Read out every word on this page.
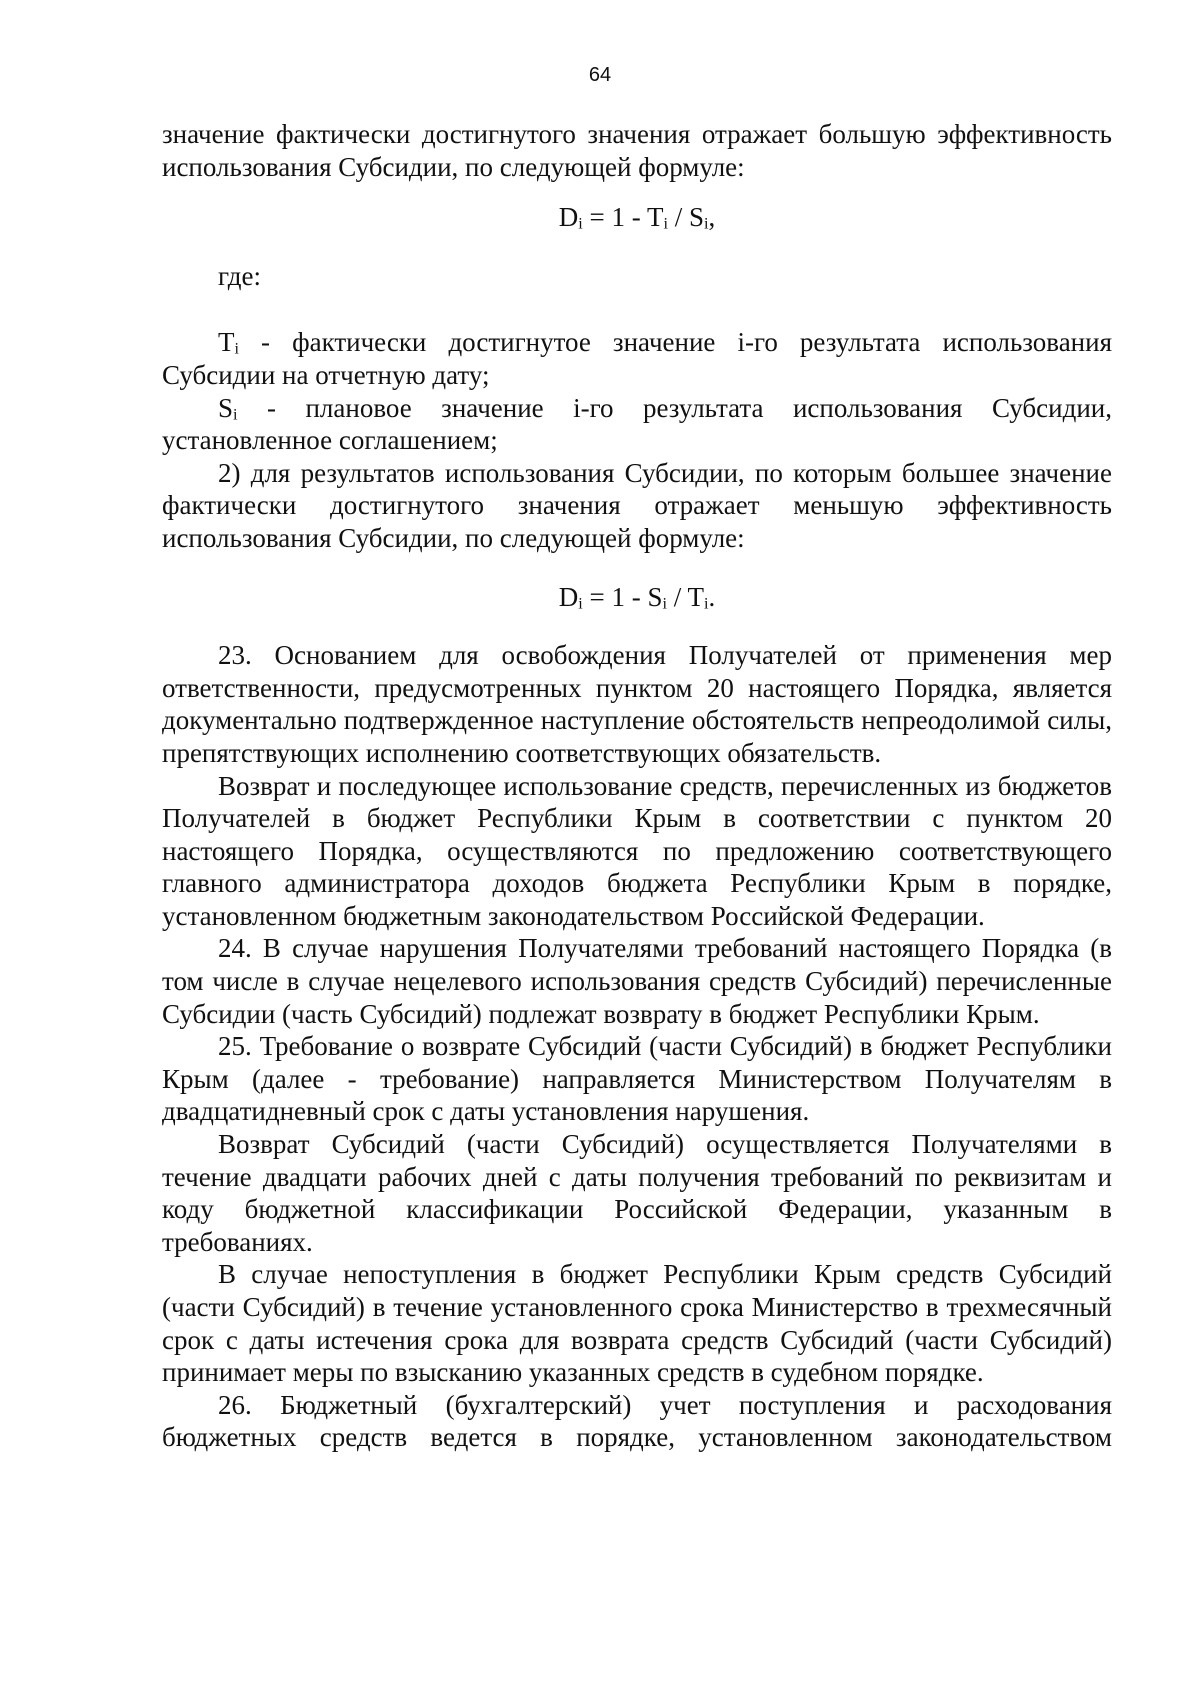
64

значение фактически достигнутого значения отражает большую эффективность использования Субсидии, по следующей формуле:

$D_i = 1 - T_i / S_i$,

где:

$T_i$ - фактически достигнутое значение i-го результата использования Субсидии на отчетную дату;

$S_i$ - плановое значение i-го результата использования Субсидии, установленное соглашением;

2) для результатов использования Субсидии, по которым большее значение фактически достигнутого значения отражает меньшую эффективность использования Субсидии, по следующей формуле:

$D_i = 1 - S_i / T_i$.

23. Основанием для освобождения Получателей от применения мер ответственности, предусмотренных пунктом 20 настоящего Порядка, является документально подтвержденное наступление обстоятельств непреодолимой силы, препятствующих исполнению соответствующих обязательств.

Возврат и последующее использование средств, перечисленных из бюджетов Получателей в бюджет Республики Крым в соответствии с пунктом 20 настоящего Порядка, осуществляются по предложению соответствующего главного администратора доходов бюджета Республики Крым в порядке, установленном бюджетным законодательством Российской Федерации.

24. В случае нарушения Получателями требований настоящего Порядка (в том числе в случае нецелевого использования средств Субсидий) перечисленные Субсидии (часть Субсидий) подлежат возврату в бюджет Республики Крым.

25. Требование о возврате Субсидий (части Субсидий) в бюджет Республики Крым (далее - требование) направляется Министерством Получателям в двадцатидневный срок с даты установления нарушения.

Возврат Субсидий (части Субсидий) осуществляется Получателями в течение двадцати рабочих дней с даты получения требований по реквизитам и коду бюджетной классификации Российской Федерации, указанным в требованиях.

В случае непоступления в бюджет Республики Крым средств Субсидий (части Субсидий) в течение установленного срока Министерство в трехмесячный срок с даты истечения срока для возврата средств Субсидий (части Субсидий) принимает меры по взысканию указанных средств в судебном порядке.

26. Бюджетный (бухгалтерский) учет поступления и расходования бюджетных средств ведется в порядке, установленном законодательством
